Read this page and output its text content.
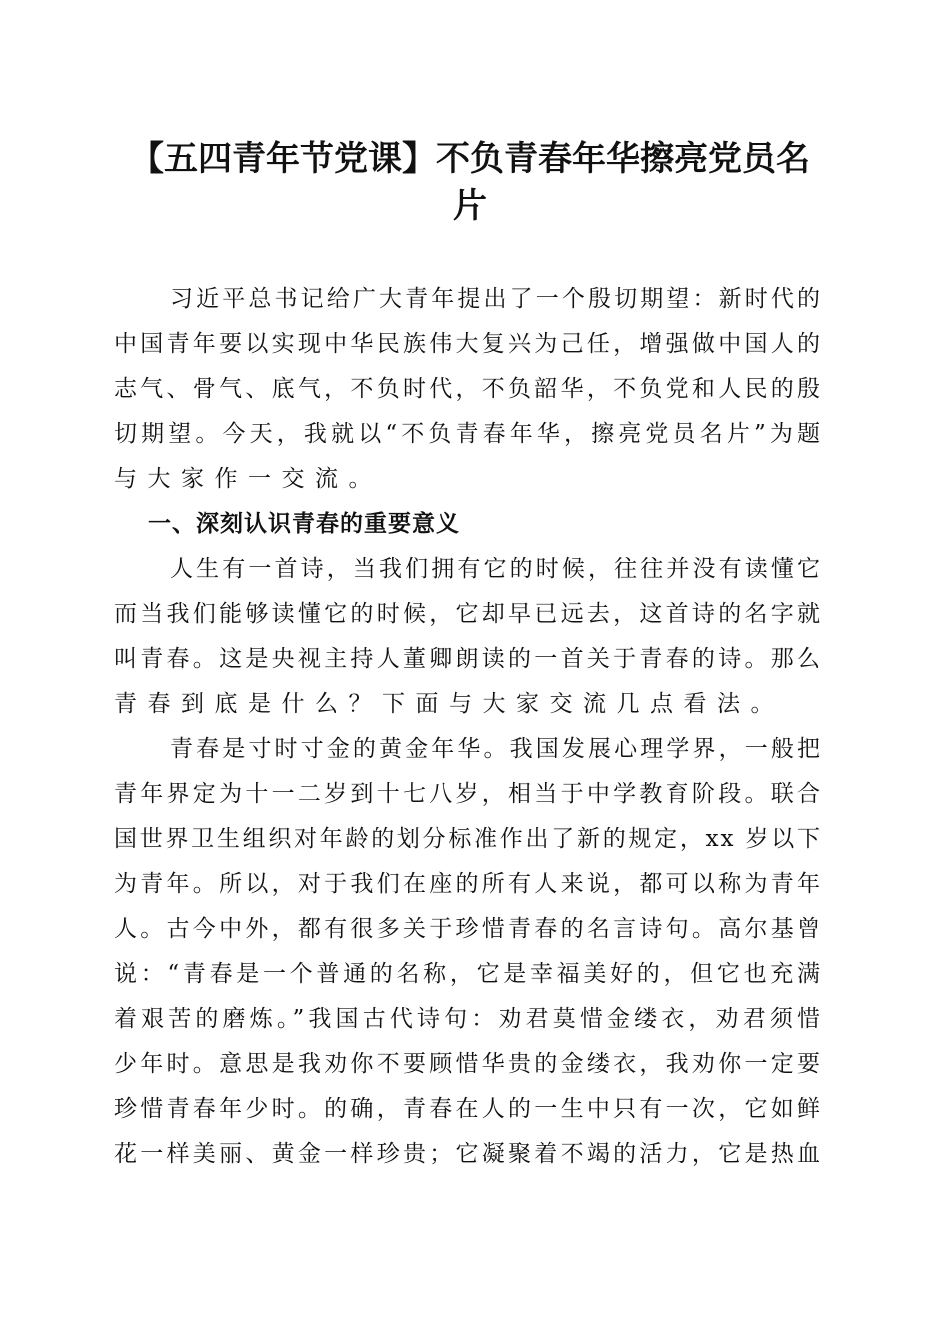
【五四青年节党课】不负青春年华擦亮党员名
片
习近平总书记给广大青年提出了一个殷切期望：新时代的
中国青年要以实现中华民族伟大复兴为己任，增强做中国人的
志气、骨气、底气，不负时代，不负韶华，不负党和人民的殷
切期望。今天，我就以“不负青春年华，擦亮党员名片”为题
与大家作一交流。
一、深刻认识青春的重要意义
人生有一首诗，当我们拥有它的时候，往往并没有读懂它
而当我们能够读懂它的时候，它却早已远去，这首诗的名字就
叫青春。这是央视主持人董卿朗读的一首关于青春的诗。那么
青春到底是什么？下面与大家交流几点看法。
青春是寸时寸金的黄金年华。我国发展心理学界，一般把
青年界定为十一二岁到十七八岁，相当于中学教育阶段。联合
国世界卫生组织对年龄的划分标准作出了新的规定，xx 岁以下
为青年。所以，对于我们在座的所有人来说，都可以称为青年
人。古今中外，都有很多关于珍惜青春的名言诗句。高尔基曾
说：“青春是一个普通的名称，它是幸福美好的，但它也充满
着艰苦的磨炼。”我国古代诗句：劝君莫惜金缕衣，劝君须惜
少年时。意思是我劝你不要顾惜华贵的金缕衣，我劝你一定要
珍惜青春年少时。的确，青春在人的一生中只有一次，它如鲜
花一样美丽、黄金一样珍贵；它凝聚着不竭的活力，它是热血
